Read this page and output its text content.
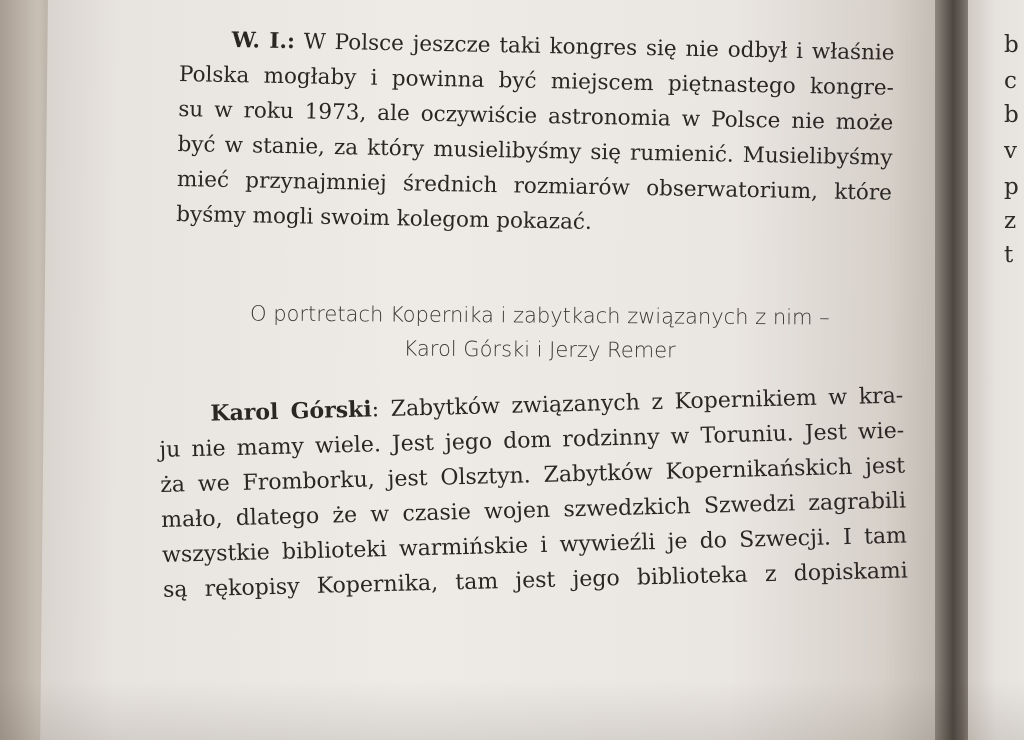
W. I.: W Polsce jeszcze taki kongres się nie odbył i właśnie
Polska mogłaby i powinna być miejscem piętnastego kongre-
su w roku 1973, ale oczywiście astronomia w Polsce nie może
być w stanie, za który musielibyśmy się rumienić. Musielibyśmy
mieć przynajmniej średnich rozmiarów obserwatorium, które
byśmy mogli swoim kolegom pokazać.
O portretach Kopernika i zabytkach związanych z nim –
Karol Górski i Jerzy Remer
Karol Górski: Zabytków związanych z Kopernikiem w kra-
ju nie mamy wiele. Jest jego dom rodzinny w Toruniu. Jest wie-
ża we Fromborku, jest Olsztyn. Zabytków Kopernikańskich jest
mało, dlatego że w czasie wojen szwedzkich Szwedzi zagrabili
wszystkie biblioteki warmińskie i wywieźli je do Szwecji. I tam
są rękopisy Kopernika, tam jest jego biblioteka z dopiskami
b
c
b
v
p
z
t
